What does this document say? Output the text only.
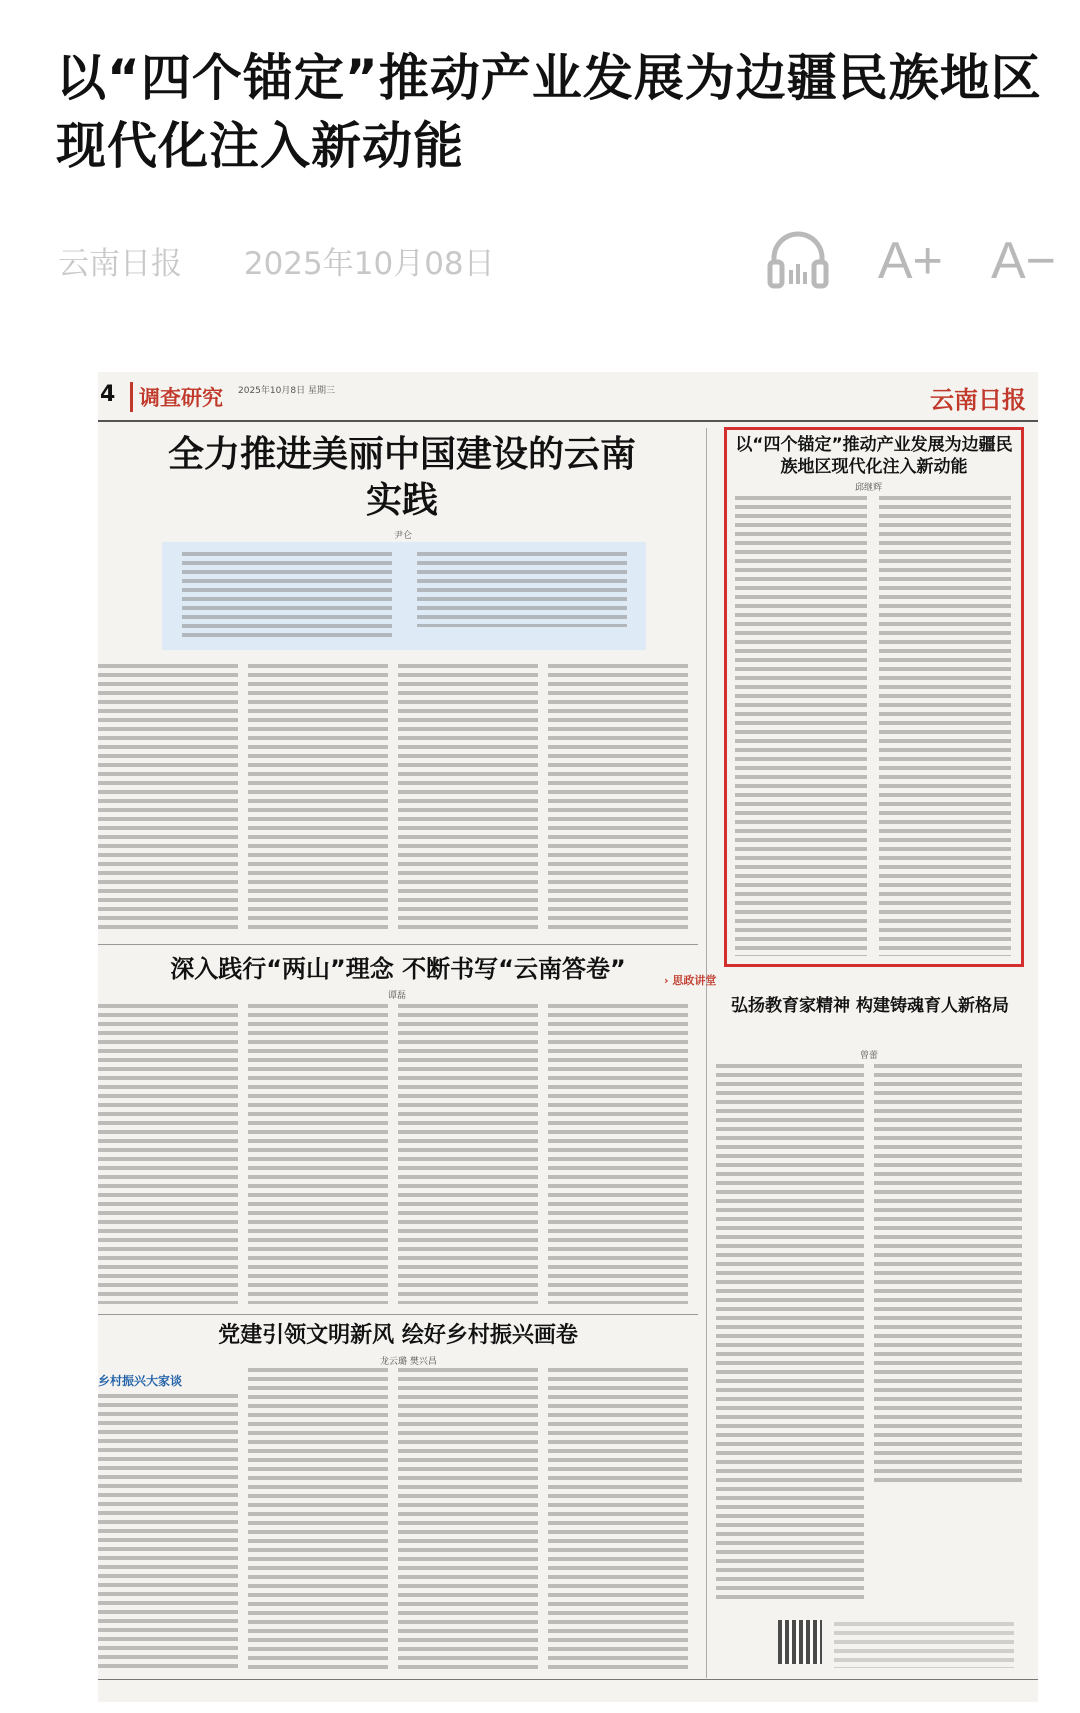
以“四个锚定”推动产业发展为边疆民族地区现代化注入新动能
云南日报 2025年10月08日	A+ A−
4	调查研究 2025年10月8日 星期三	云南日报
全力推进美丽中国建设的云南实践
尹仑
以“四个锚定”推动产业发展为边疆民族地区现代化注入新动能
邱继辉
深入践行“两山”理念 不断书写“云南答卷”
谭磊
› 思政讲堂
弘扬教育家精神 构建铸魂育人新格局
曾蕾
党建引领文明新风 绘好乡村振兴画卷
龙云璐 樊兴昌
乡村振兴大家谈
